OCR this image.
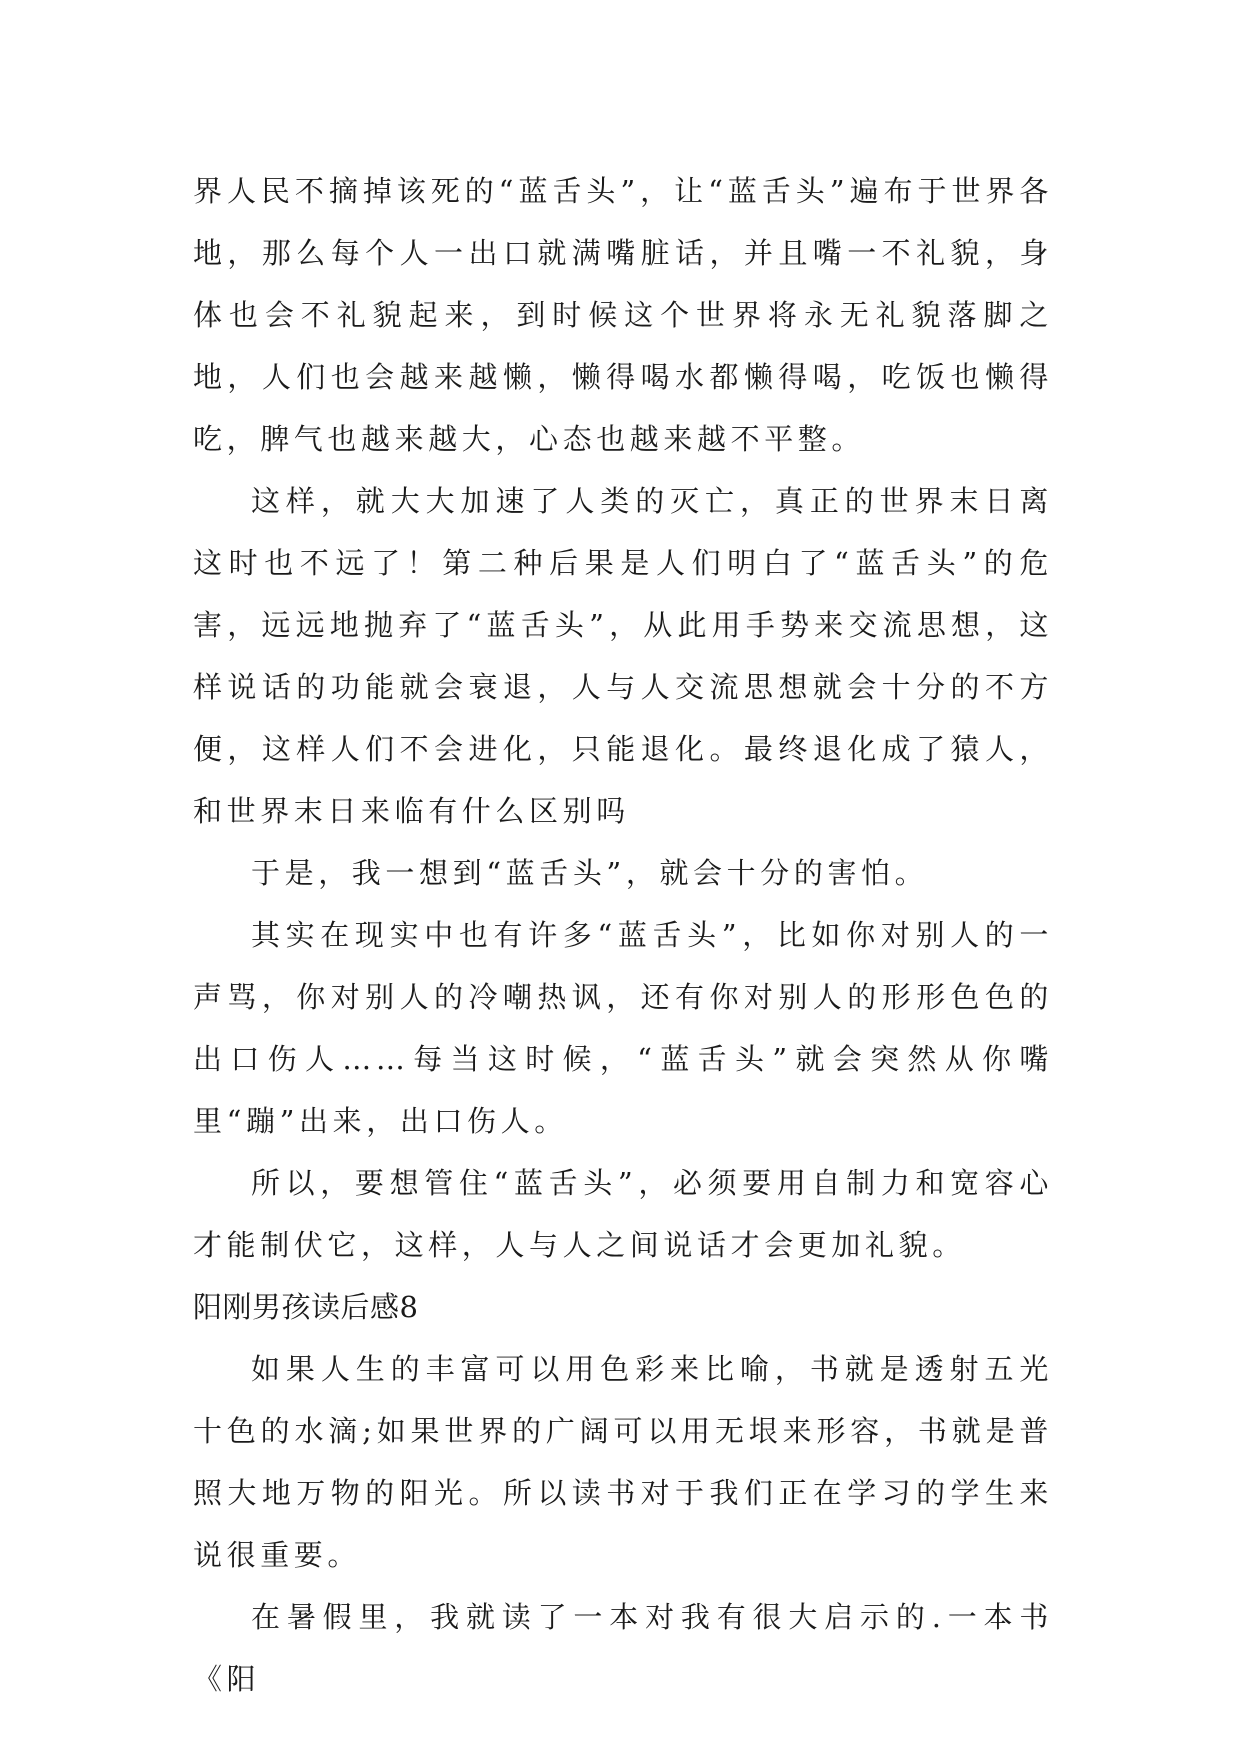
界人民不摘掉该死的“蓝舌头”，让“蓝舌头”遍布于世界各地，那么每个人一出口就满嘴脏话，并且嘴一不礼貌，身体也会不礼貌起来，到时候这个世界将永无礼貌落脚之地，人们也会越来越懒，懒得喝水都懒得喝，吃饭也懒得吃，脾气也越来越大，心态也越来越不平整。

这样，就大大加速了人类的灭亡，真正的世界末日离这时也不远了！第二种后果是人们明白了“蓝舌头”的危害，远远地抛弃了“蓝舌头”，从此用手势来交流思想，这样说话的功能就会衰退，人与人交流思想就会十分的不方便，这样人们不会进化，只能退化。最终退化成了猿人，和世界末日来临有什么区别吗

于是，我一想到“蓝舌头”，就会十分的害怕。

其实在现实中也有许多“蓝舌头”，比如你对别人的一声骂，你对别人的冷嘲热讽，还有你对别人的形形色色的出口伤人……每当这时候，“蓝舌头”就会突然从你嘴里“蹦”出来，出口伤人。

所以，要想管住“蓝舌头”，必须要用自制力和宽容心才能制伏它，这样，人与人之间说话才会更加礼貌。

阳刚男孩读后感8

如果人生的丰富可以用色彩来比喻，书就是透射五光十色的水滴;如果世界的广阔可以用无垠来形容，书就是普照大地万物的阳光。所以读书对于我们正在学习的学生来说很重要。

在暑假里，我就读了一本对我有很大启示的.一本书《阳
